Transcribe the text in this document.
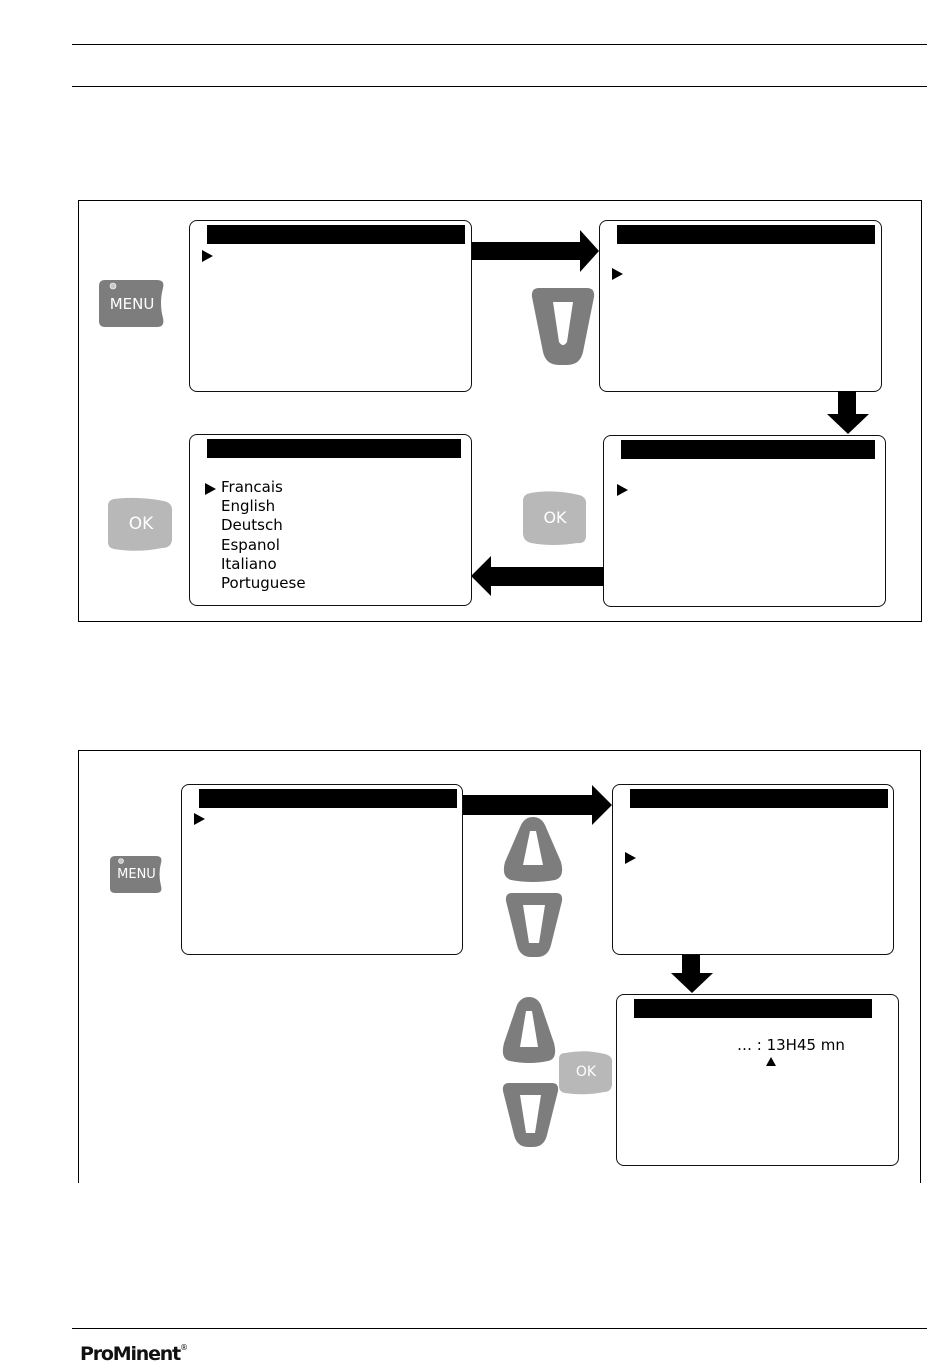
MENU
OK
Francais
English
Deutsch
Espanol
Italiano
Portuguese
OK
MENU
OK
… : 13H45 mn
ProMinent®
